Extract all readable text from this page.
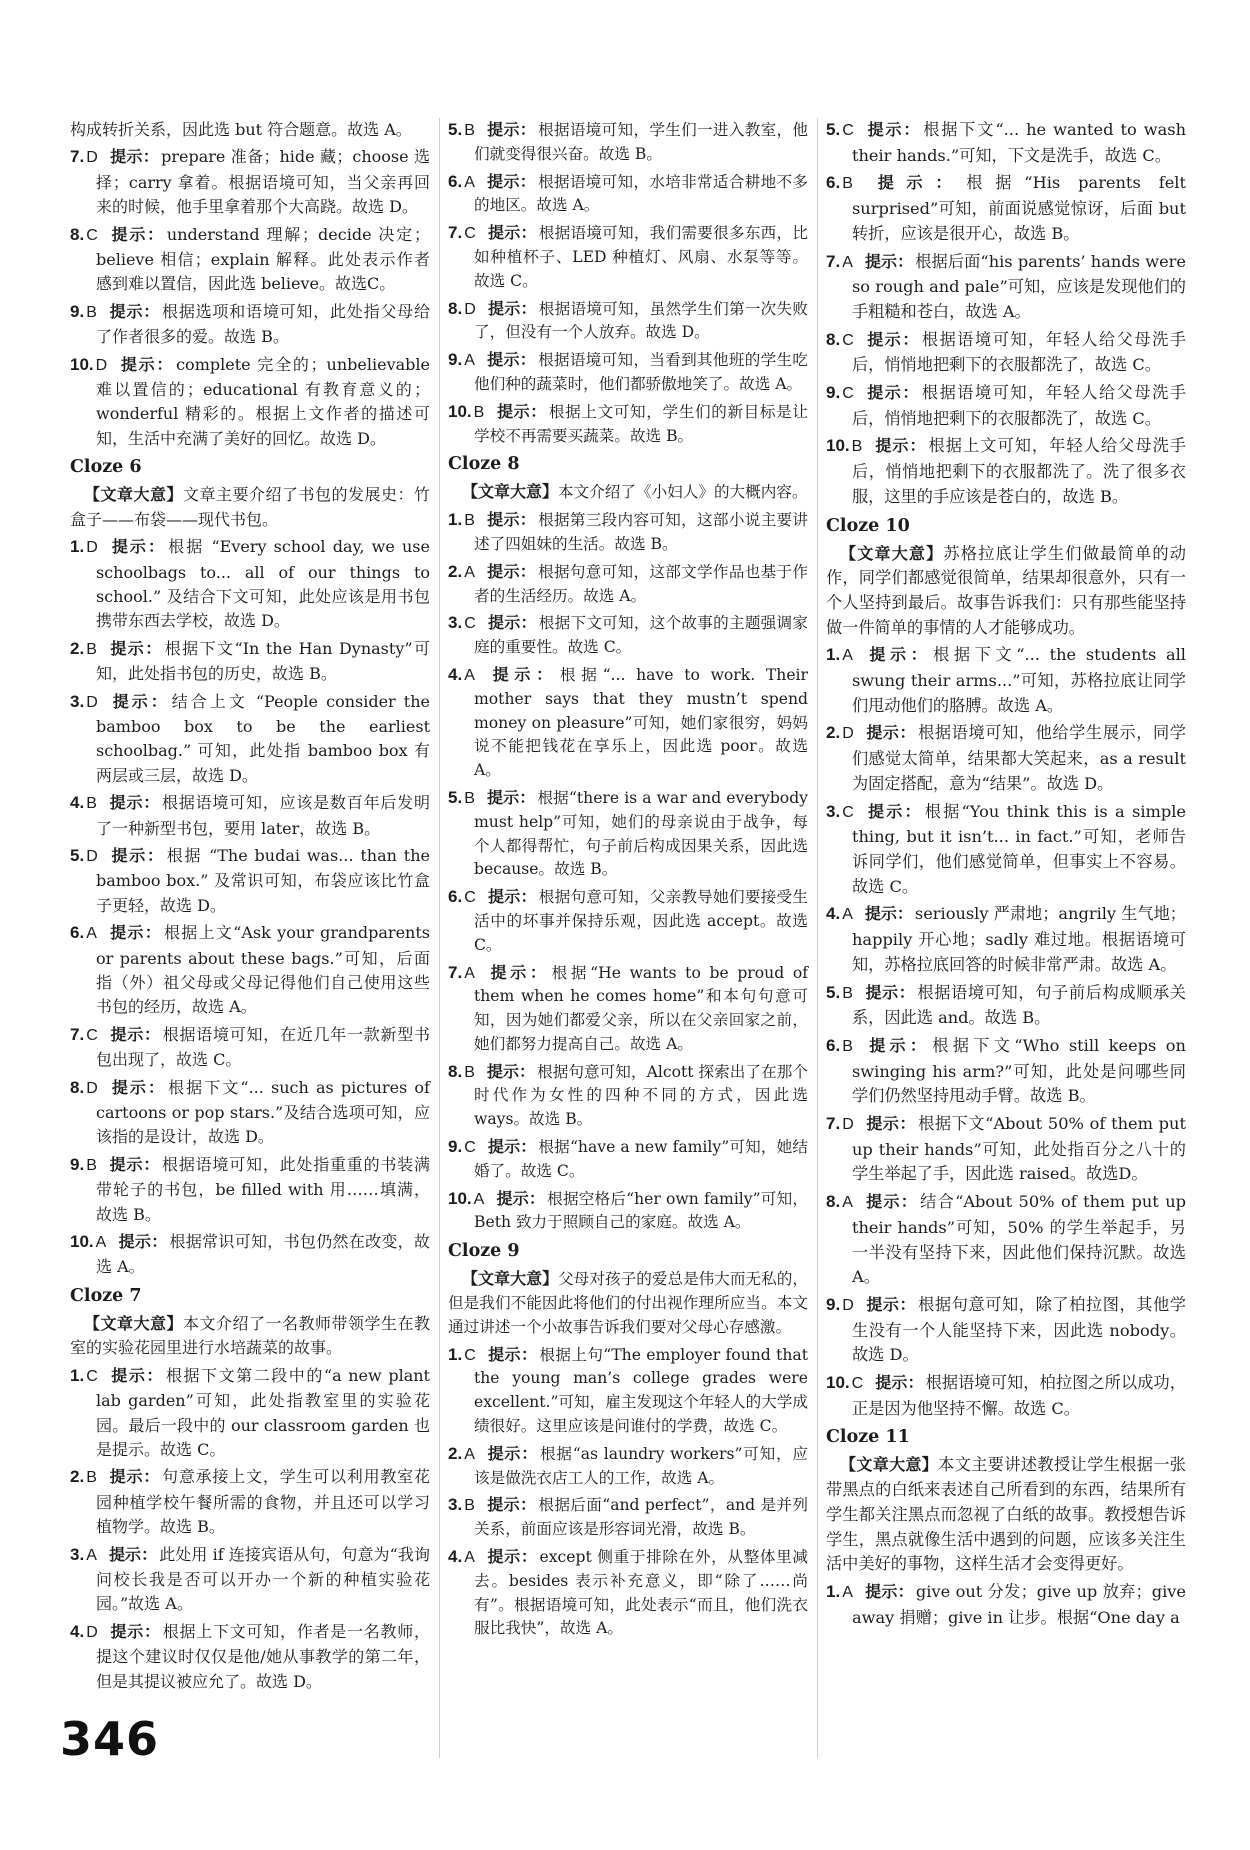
构成转折关系，因此选 but 符合题意。故选 A。

7. D 提示： prepare 准备；hide 藏；choose 选择；carry 拿着。根据语境可知，当父亲再回来的时候，他手里拿着那个大高跷。故选 D。

8. C 提示： understand 理解；decide 决定；believe 相信；explain 解释。此处表示作者感到难以置信，因此选 believe。故选C。

9. B 提示： 根据选项和语境可知，此处指父母给了作者很多的爱。故选 B。

10. D 提示： complete 完全的；unbelievable 难以置信的；educational 有教育意义的；wonderful 精彩的。根据上文作者的描述可知，生活中充满了美好的回忆。故选 D。

Cloze 6

【文章大意】文章主要介绍了书包的发展史：竹盒子——布袋——现代书包。

1. D 提示： 根据 “Every school day, we use schoolbags to... all of our things to school.” 及结合下文可知，此处应该是用书包携带东西去学校，故选 D。

2. B 提示： 根据下文“In the Han Dynasty”可知，此处指书包的历史，故选 B。

3. D 提示： 结合上文 “People consider the bamboo box to be the earliest schoolbag.” 可知，此处指 bamboo box 有两层或三层，故选 D。

4. B 提示： 根据语境可知，应该是数百年后发明了一种新型书包，要用 later，故选 B。

5. D 提示： 根据 “The budai was... than the bamboo box.” 及常识可知，布袋应该比竹盒子更轻，故选 D。

6. A 提示： 根据上文“Ask your grandparents or parents about these bags.”可知，后面指（外）祖父母或父母记得他们自己使用这些书包的经历，故选 A。

7. C 提示： 根据语境可知，在近几年一款新型书包出现了，故选 C。

8. D 提示： 根据下文“... such as pictures of cartoons or pop stars.”及结合选项可知，应该指的是设计，故选 D。

9. B 提示： 根据语境可知，此处指重重的书装满带轮子的书包，be filled with 用……填满，故选 B。

10. A 提示： 根据常识可知，书包仍然在改变，故选 A。

Cloze 7

【文章大意】本文介绍了一名教师带领学生在教室的实验花园里进行水培蔬菜的故事。

1. C 提示： 根据下文第二段中的“a new plant lab garden”可知，此处指教室里的实验花园。最后一段中的 our classroom garden 也是提示。故选 C。

2. B 提示： 句意承接上文，学生可以利用教室花园种植学校午餐所需的食物，并且还可以学习植物学。故选 B。

3. A 提示： 此处用 if 连接宾语从句，句意为“我询问校长我是否可以开办一个新的种植实验花园。”故选 A。

4. D 提示： 根据上下文可知，作者是一名教师，提这个建议时仅仅是他/她从事教学的第二年，但是其提议被应允了。故选 D。

5. B 提示： 根据语境可知，学生们一进入教室，他们就变得很兴奋。故选 B。

6. A 提示： 根据语境可知，水培非常适合耕地不多的地区。故选 A。

7. C 提示： 根据语境可知，我们需要很多东西，比如种植杯子、LED 种植灯、风扇、水泵等等。故选 C。

8. D 提示： 根据语境可知，虽然学生们第一次失败了，但没有一个人放弃。故选 D。

9. A 提示： 根据语境可知，当看到其他班的学生吃他们种的蔬菜时，他们都骄傲地笑了。故选 A。

10. B 提示： 根据上文可知，学生们的新目标是让学校不再需要买蔬菜。故选 B。

Cloze 8

【文章大意】本文介绍了《小妇人》的大概内容。

1. B 提示： 根据第三段内容可知，这部小说主要讲述了四姐妹的生活。故选 B。

2. A 提示： 根据句意可知，这部文学作品也基于作者的生活经历。故选 A。

3. C 提示： 根据下文可知，这个故事的主题强调家庭的重要性。故选 C。

4. A 提示： 根据“... have to work. Their mother says that they mustn’t spend money on pleasure”可知，她们家很穷，妈妈说不能把钱花在享乐上，因此选 poor。故选 A。

5. B 提示： 根据“there is a war and everybody must help”可知，她们的母亲说由于战争，每个人都得帮忙，句子前后构成因果关系，因此选 because。故选 B。

6. C 提示： 根据句意可知，父亲教导她们要接受生活中的坏事并保持乐观，因此选 accept。故选 C。

7. A 提示： 根据“He wants to be proud of them when he comes home”和本句句意可知，因为她们都爱父亲，所以在父亲回家之前，她们都努力提高自己。故选 A。

8. B 提示： 根据句意可知，Alcott 探索出了在那个时代作为女性的四种不同的方式，因此选 ways。故选 B。

9. C 提示： 根据“have a new family”可知，她结婚了。故选 C。

10. A 提示： 根据空格后“her own family”可知，Beth 致力于照顾自己的家庭。故选 A。

Cloze 9

【文章大意】父母对孩子的爱总是伟大而无私的，但是我们不能因此将他们的付出视作理所应当。本文通过讲述一个小故事告诉我们要对父母心存感激。

1. C 提示： 根据上句“The employer found that the young man’s college grades were excellent.”可知，雇主发现这个年轻人的大学成绩很好。这里应该是问谁付的学费，故选 C。

2. A 提示： 根据“as laundry workers”可知，应该是做洗衣店工人的工作，故选 A。

3. B 提示： 根据后面“and perfect”，and 是并列关系，前面应该是形容词光滑，故选 B。

4. A 提示： except 侧重于排除在外，从整体里减去。besides 表示补充意义，即“除了……尚有”。根据语境可知，此处表示“而且，他们洗衣服比我快”，故选 A。

5. C 提示： 根据下文“... he wanted to wash their hands.”可知，下文是洗手，故选 C。

6. B 提示： 根据“His parents felt surprised”可知，前面说感觉惊讶，后面 but 转折，应该是很开心，故选 B。

7. A 提示： 根据后面“his parents’ hands were so rough and pale”可知，应该是发现他们的手粗糙和苍白，故选 A。

8. C 提示： 根据语境可知，年轻人给父母洗手后，悄悄地把剩下的衣服都洗了，故选 C。

9. C 提示： 根据语境可知，年轻人给父母洗手后，悄悄地把剩下的衣服都洗了，故选 C。

10. B 提示： 根据上文可知，年轻人给父母洗手后，悄悄地把剩下的衣服都洗了。洗了很多衣服，这里的手应该是苍白的，故选 B。

Cloze 10

【文章大意】苏格拉底让学生们做最简单的动作，同学们都感觉很简单，结果却很意外，只有一个人坚持到最后。故事告诉我们：只有那些能坚持做一件简单的事情的人才能够成功。

1. A 提示： 根据下文“... the students all swung their arms...”可知，苏格拉底让同学们甩动他们的胳膊。故选 A。

2. D 提示： 根据语境可知，他给学生展示，同学们感觉太简单，结果都大笑起来，as a result 为固定搭配，意为“结果”。故选 D。

3. C 提示： 根据“You think this is a simple thing, but it isn’t... in fact.”可知，老师告诉同学们，他们感觉简单，但事实上不容易。故选 C。

4. A 提示： seriously 严肃地；angrily 生气地；happily 开心地；sadly 难过地。根据语境可知，苏格拉底回答的时候非常严肃。故选 A。

5. B 提示： 根据语境可知，句子前后构成顺承关系，因此选 and。故选 B。

6. B 提示： 根据下文“Who still keeps on swinging his arm?”可知，此处是问哪些同学们仍然坚持甩动手臂。故选 B。

7. D 提示： 根据下文“About 50% of them put up their hands”可知，此处指百分之八十的学生举起了手，因此选 raised。故选D。

8. A 提示： 结合“About 50% of them put up their hands”可知，50% 的学生举起手，另一半没有坚持下来，因此他们保持沉默。故选 A。

9. D 提示： 根据句意可知，除了柏拉图，其他学生没有一个人能坚持下来，因此选 nobody。故选 D。

10. C 提示： 根据语境可知，柏拉图之所以成功，正是因为他坚持不懈。故选 C。

Cloze 11

【文章大意】本文主要讲述教授让学生根据一张带黑点的白纸来表述自己所看到的东西，结果所有学生都关注黑点而忽视了白纸的故事。教授想告诉学生，黑点就像生活中遇到的问题，应该多关注生活中美好的事物，这样生活才会变得更好。

1. A 提示： give out 分发；give up 放弃；give away 捐赠；give in 让步。根据“One day a

346
